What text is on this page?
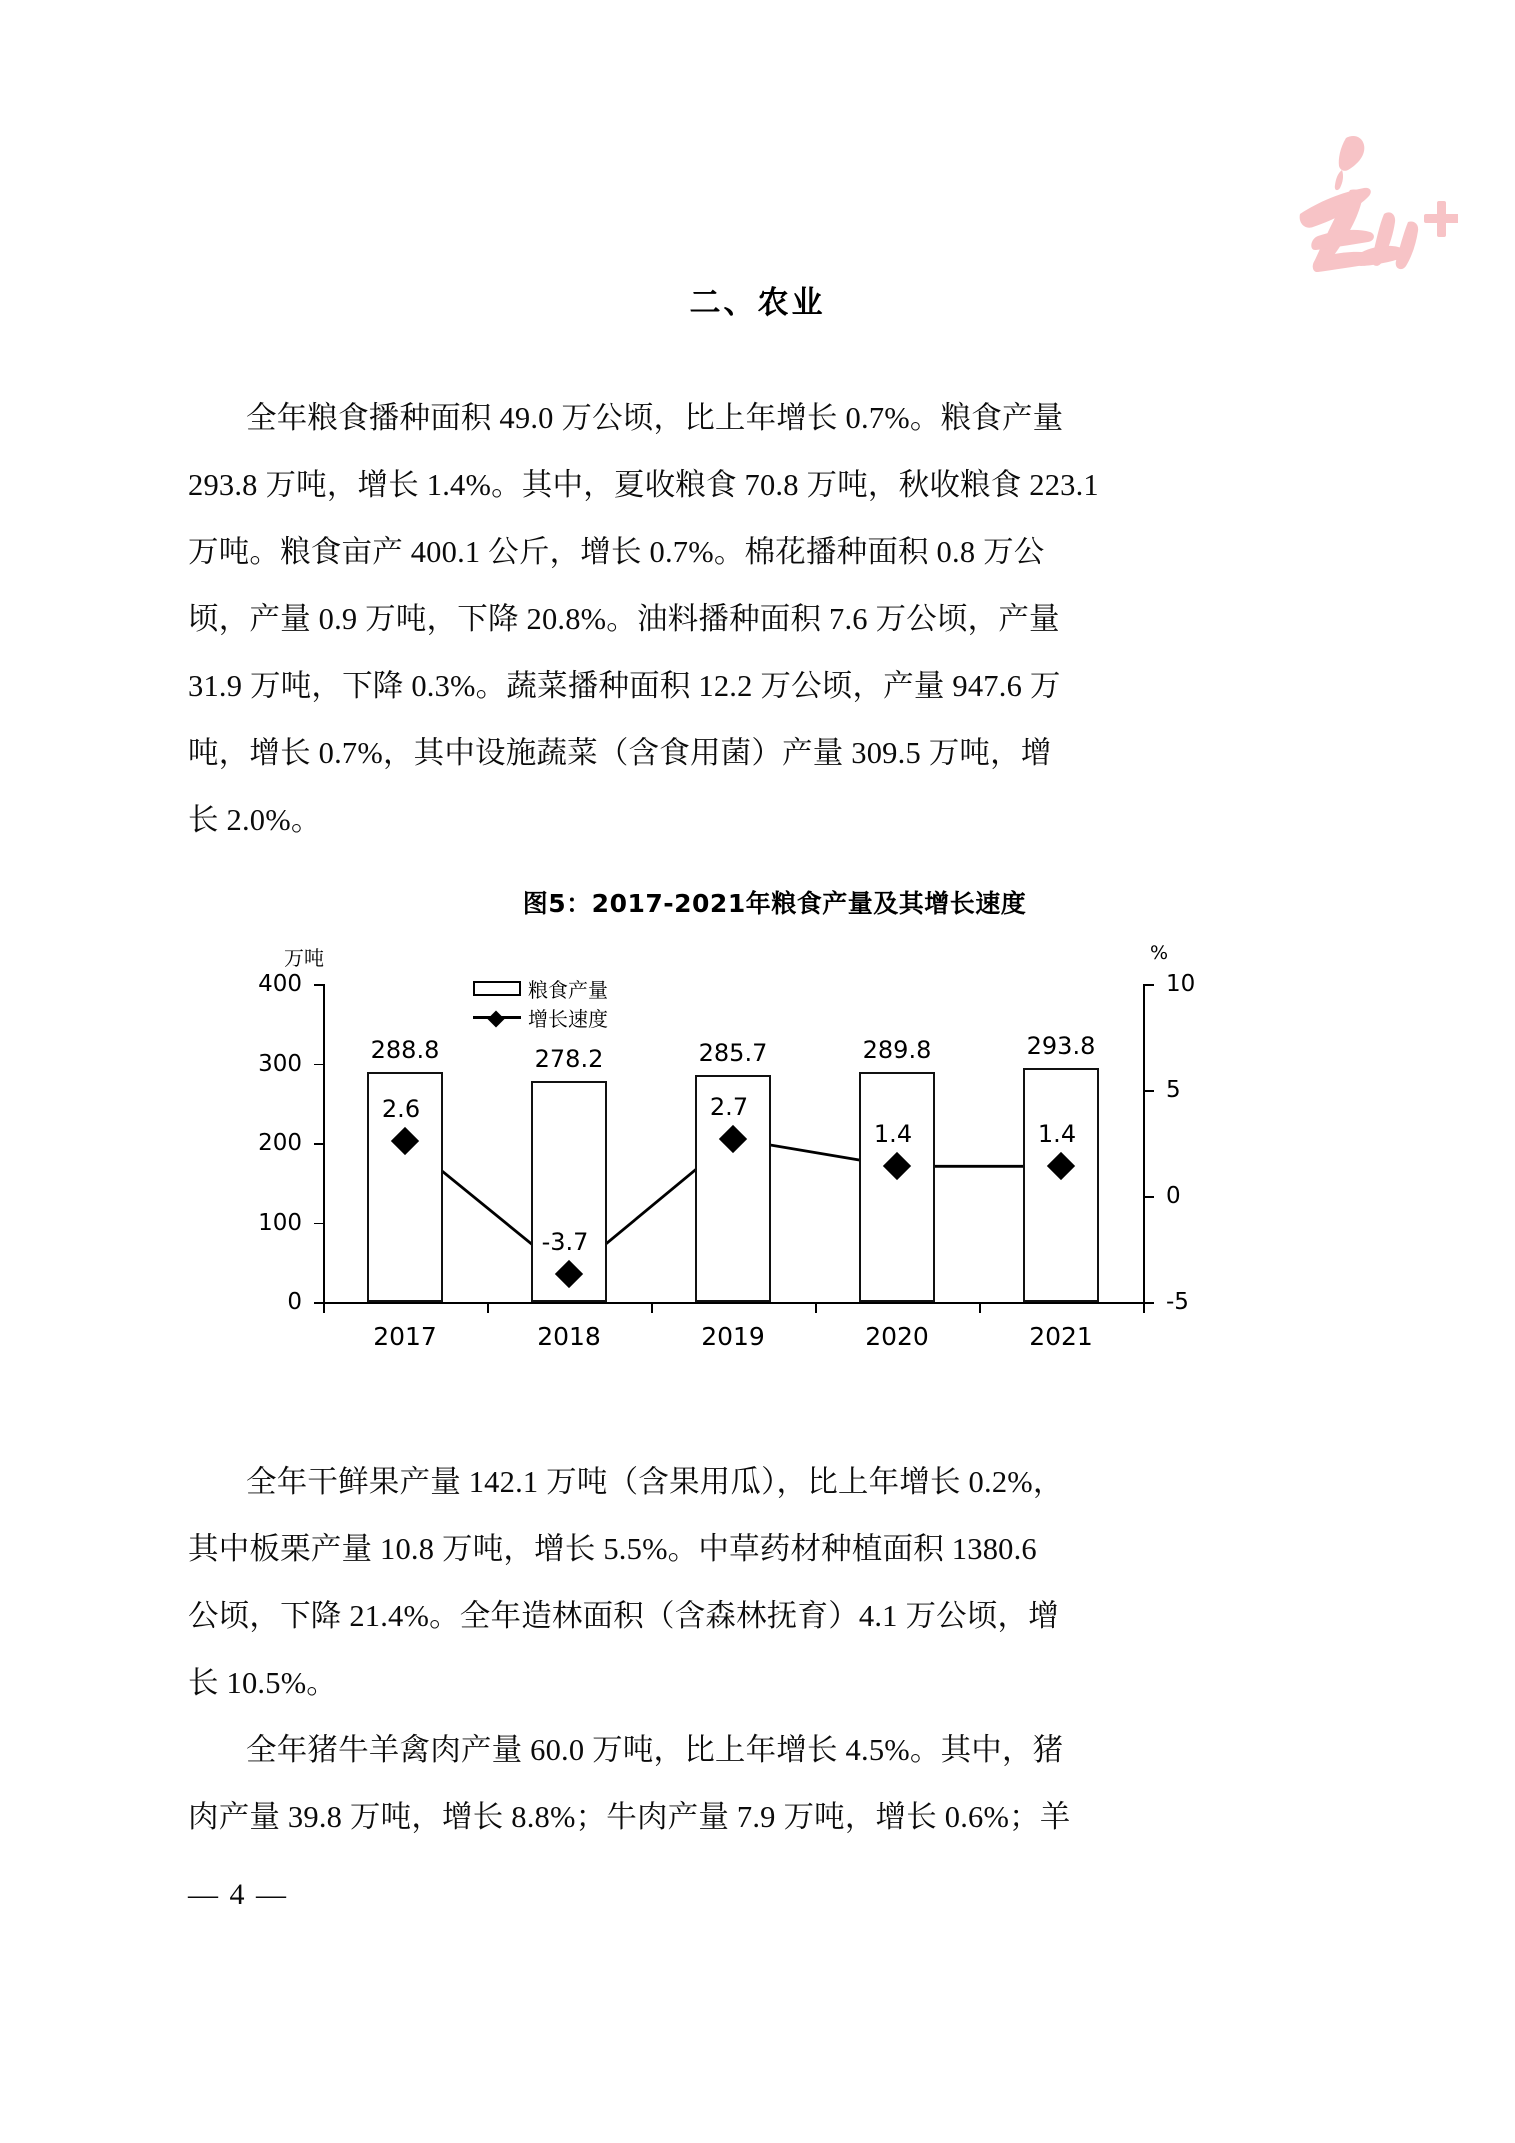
二、农业
全年粮食播种面积 49.0 万公顷，比上年增长 0.7%。粮食产量
293.8 万吨，增长 1.4%。其中，夏收粮食 70.8 万吨，秋收粮食 223.1
万吨。粮食亩产 400.1 公斤，增长 0.7%。棉花播种面积 0.8 万公
顷，产量 0.9 万吨，下降 20.8%。油料播种面积 7.6 万公顷，产量
31.9 万吨，下降 0.3%。蔬菜播种面积 12.2 万公顷，产量 947.6 万
吨，增长 0.7%，其中设施蔬菜（含食用菌）产量 309.5 万吨，增
长 2.0%。
图5：2017-2021年粮食产量及其增长速度
万吨	%
粮食产量
增长速度
0
100
200
300
400
-5
0
5
10
288.8
2017
278.2
2018
285.7
2019
289.8
2020
293.8
2021
2.6
-3.7
2.7
1.4	1.4
全年干鲜果产量 142.1 万吨（含果用瓜），比上年增长 0.2%，
其中板栗产量 10.8 万吨，增长 5.5%。中草药材种植面积 1380.6
公顷，下降 21.4%。全年造林面积（含森林抚育）4.1 万公顷，增
长 10.5%。
全年猪牛羊禽肉产量 60.0 万吨，比上年增长 4.5%。其中，猪
肉产量 39.8 万吨，增长 8.8%；牛肉产量 7.9 万吨，增长 0.6%；羊
— 4 —
